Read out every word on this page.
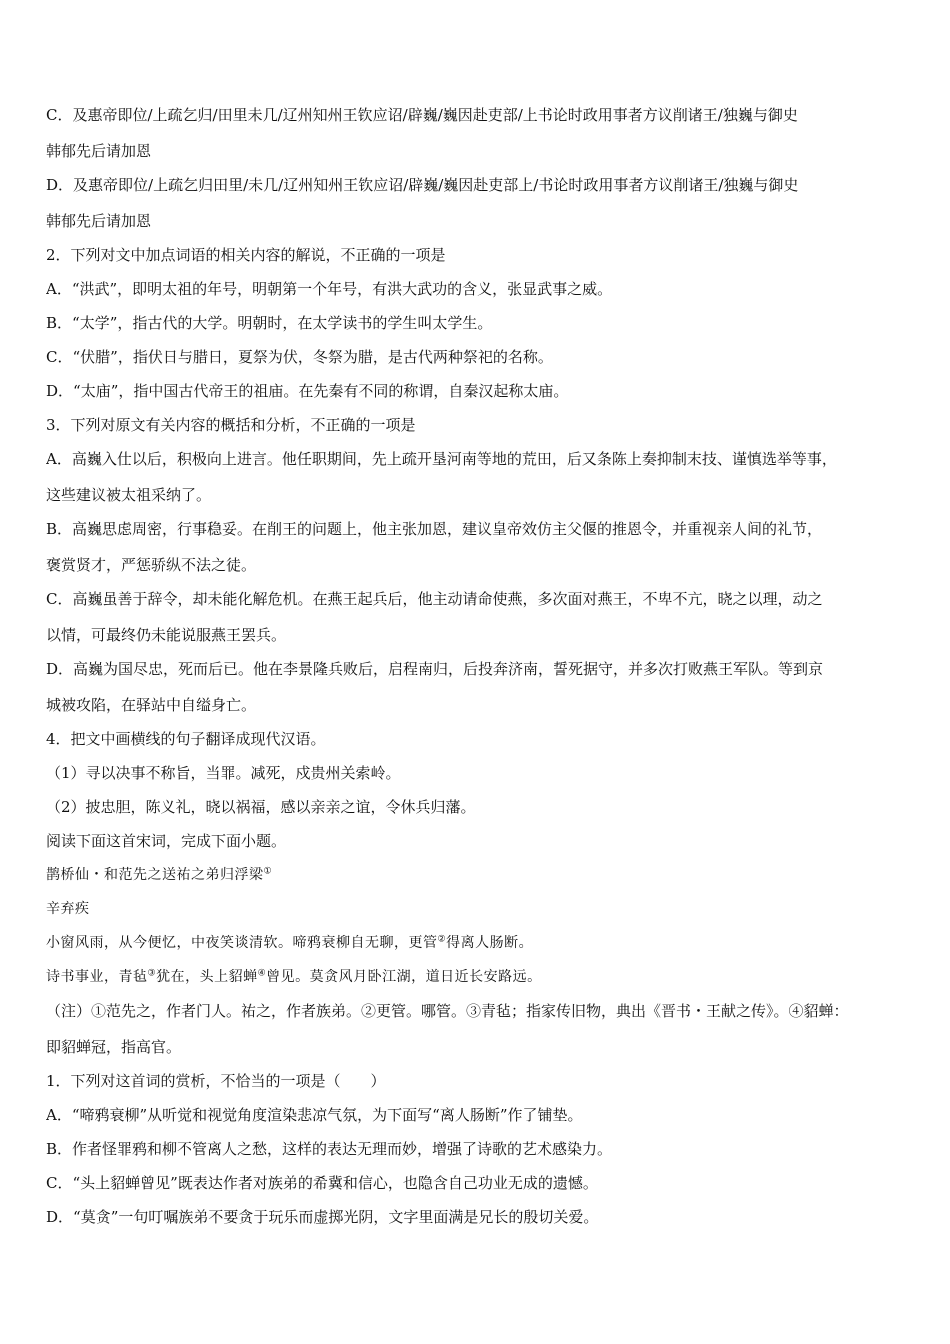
C．及惠帝即位/上疏乞归/田里未几/辽州知州王钦应诏/辟巍/巍因赴吏部/上书论时政用事者方议削诸王/独巍与御史
韩郁先后请加恩
D．及惠帝即位/上疏乞归田里/未几/辽州知州王钦应诏/辟巍/巍因赴吏部上/书论时政用事者方议削诸王/独巍与御史
韩郁先后请加恩
2．下列对文中加点词语的相关内容的解说，不正确的一项是
A．“洪武”，即明太祖的年号，明朝第一个年号，有洪大武功的含义，张显武事之威。
B．“太学”，指古代的大学。明朝时，在太学读书的学生叫太学生。
C．“伏腊”，指伏日与腊日，夏祭为伏，冬祭为腊，是古代两种祭祀的名称。
D．“太庙”，指中国古代帝王的祖庙。在先秦有不同的称谓，自秦汉起称太庙。
3．下列对原文有关内容的概括和分析，不正确的一项是
A．高巍入仕以后，积极向上进言。他任职期间，先上疏开垦河南等地的荒田，后又条陈上奏抑制末技、谨慎选举等事，
这些建议被太祖采纳了。
B．高巍思虑周密，行事稳妥。在削王的问题上，他主张加恩，建议皇帝效仿主父偃的推恩令，并重视亲人间的礼节，
褒赏贤才，严惩骄纵不法之徒。
C．高巍虽善于辞令，却未能化解危机。在燕王起兵后，他主动请命使燕，多次面对燕王，不卑不亢，晓之以理，动之
以情，可最终仍未能说服燕王罢兵。
D．高巍为国尽忠，死而后已。他在李景隆兵败后，启程南归，后投奔济南，誓死据守，并多次打败燕王军队。等到京
城被攻陷，在驿站中自缢身亡。
4．把文中画横线的句子翻译成现代汉语。
（1）寻以决事不称旨，当罪。减死，戍贵州关索岭。
（2）披忠胆，陈义礼，晓以祸福，感以亲亲之谊，令休兵归藩。
阅读下面这首宋词，完成下面小题。
鹊桥仙・和范先之送祐之弟归浮梁①
辛弃疾
小窗风雨，从今便忆，中夜笑谈清软。啼鸦衰柳自无聊，更管②得离人肠断。
诗书事业，青毡③犹在，头上貂蝉④曾见。莫贪风月卧江湖，道日近长安路远。
（注）①范先之，作者门人。祐之，作者族弟。②更管。哪管。③青毡；指家传旧物，典出《晋书・王献之传》。④貂蝉：
即貂蝉冠，指高官。
1．下列对这首词的赏析，不恰当的一项是（　　）
A．“啼鸦衰柳”从听觉和视觉角度渲染悲凉气氛，为下面写“离人肠断”作了铺垫。
B．作者怪罪鸦和柳不管离人之愁，这样的表达无理而妙，增强了诗歌的艺术感染力。
C．“头上貂蝉曾见”既表达作者对族弟的希冀和信心，也隐含自己功业无成的遗憾。
D．“莫贪”一句叮嘱族弟不要贪于玩乐而虚掷光阴，文字里面满是兄长的殷切关爱。
